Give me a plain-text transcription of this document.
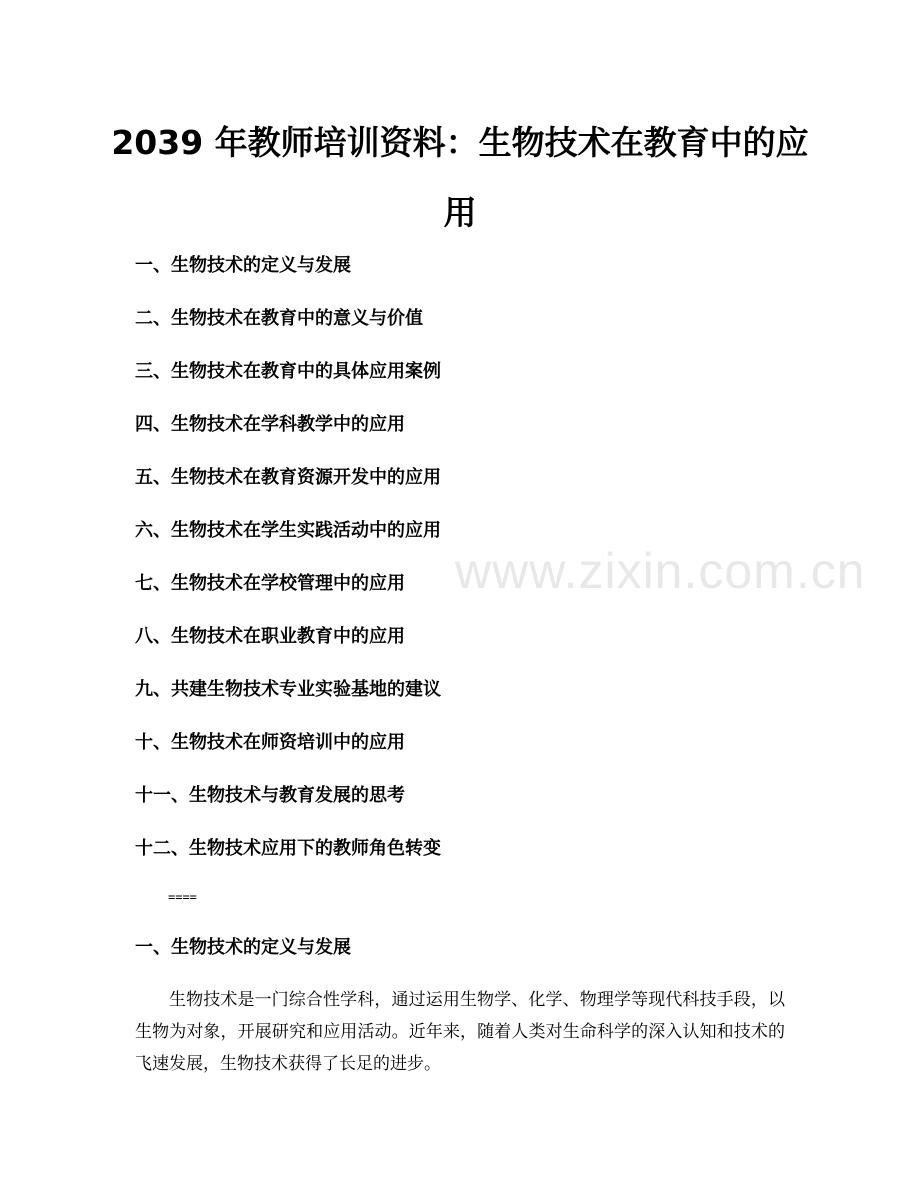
2039 年教师培训资料：生物技术在教育中的应用
一、生物技术的定义与发展
二、生物技术在教育中的意义与价值
三、生物技术在教育中的具体应用案例
四、生物技术在学科教学中的应用
五、生物技术在教育资源开发中的应用
六、生物技术在学生实践活动中的应用
七、生物技术在学校管理中的应用
八、生物技术在职业教育中的应用
九、共建生物技术专业实验基地的建议
十、生物技术在师资培训中的应用
十一、生物技术与教育发展的思考
十二、生物技术应用下的教师角色转变
====
一、生物技术的定义与发展

生物技术是一门综合性学科，通过运用生物学、化学、物理学等现代科技手段，以生物为对象，开展研究和应用活动。近年来，随着人类对生命科学的深入认知和技术的飞速发展，生物技术获得了长足的进步。

www.zixin.com.cn
